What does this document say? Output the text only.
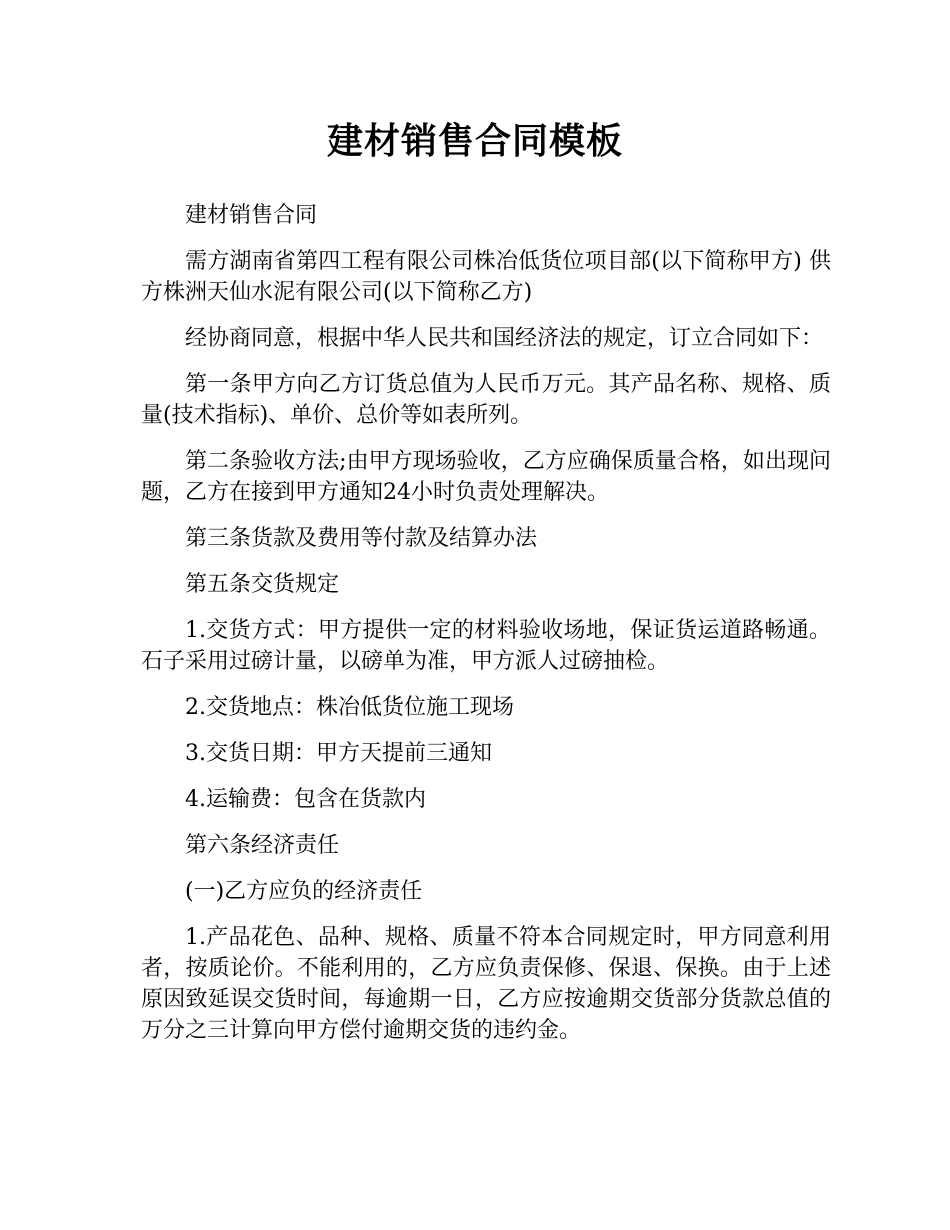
建材销售合同模板

建材销售合同

需方湖南省第四工程有限公司株冶低货位项目部(以下简称甲方) 供方株洲天仙水泥有限公司(以下简称乙方)

经协商同意，根据中华人民共和国经济法的规定，订立合同如下：

第一条甲方向乙方订货总值为人民币万元。其产品名称、规格、质量(技术指标)、单价、总价等如表所列。

第二条验收方法;由甲方现场验收，乙方应确保质量合格，如出现问题，乙方在接到甲方通知24小时负责处理解决。

第三条货款及费用等付款及结算办法

第五条交货规定

1.交货方式：甲方提供一定的材料验收场地，保证货运道路畅通。石子采用过磅计量，以磅单为准，甲方派人过磅抽检。

2.交货地点：株冶低货位施工现场

3.交货日期：甲方天提前三通知

4.运输费：包含在货款内

第六条经济责任

(一)乙方应负的经济责任

1.产品花色、品种、规格、质量不符本合同规定时，甲方同意利用者，按质论价。不能利用的，乙方应负责保修、保退、保换。由于上述原因致延误交货时间，每逾期一日，乙方应按逾期交货部分货款总值的万分之三计算向甲方偿付逾期交货的违约金。
